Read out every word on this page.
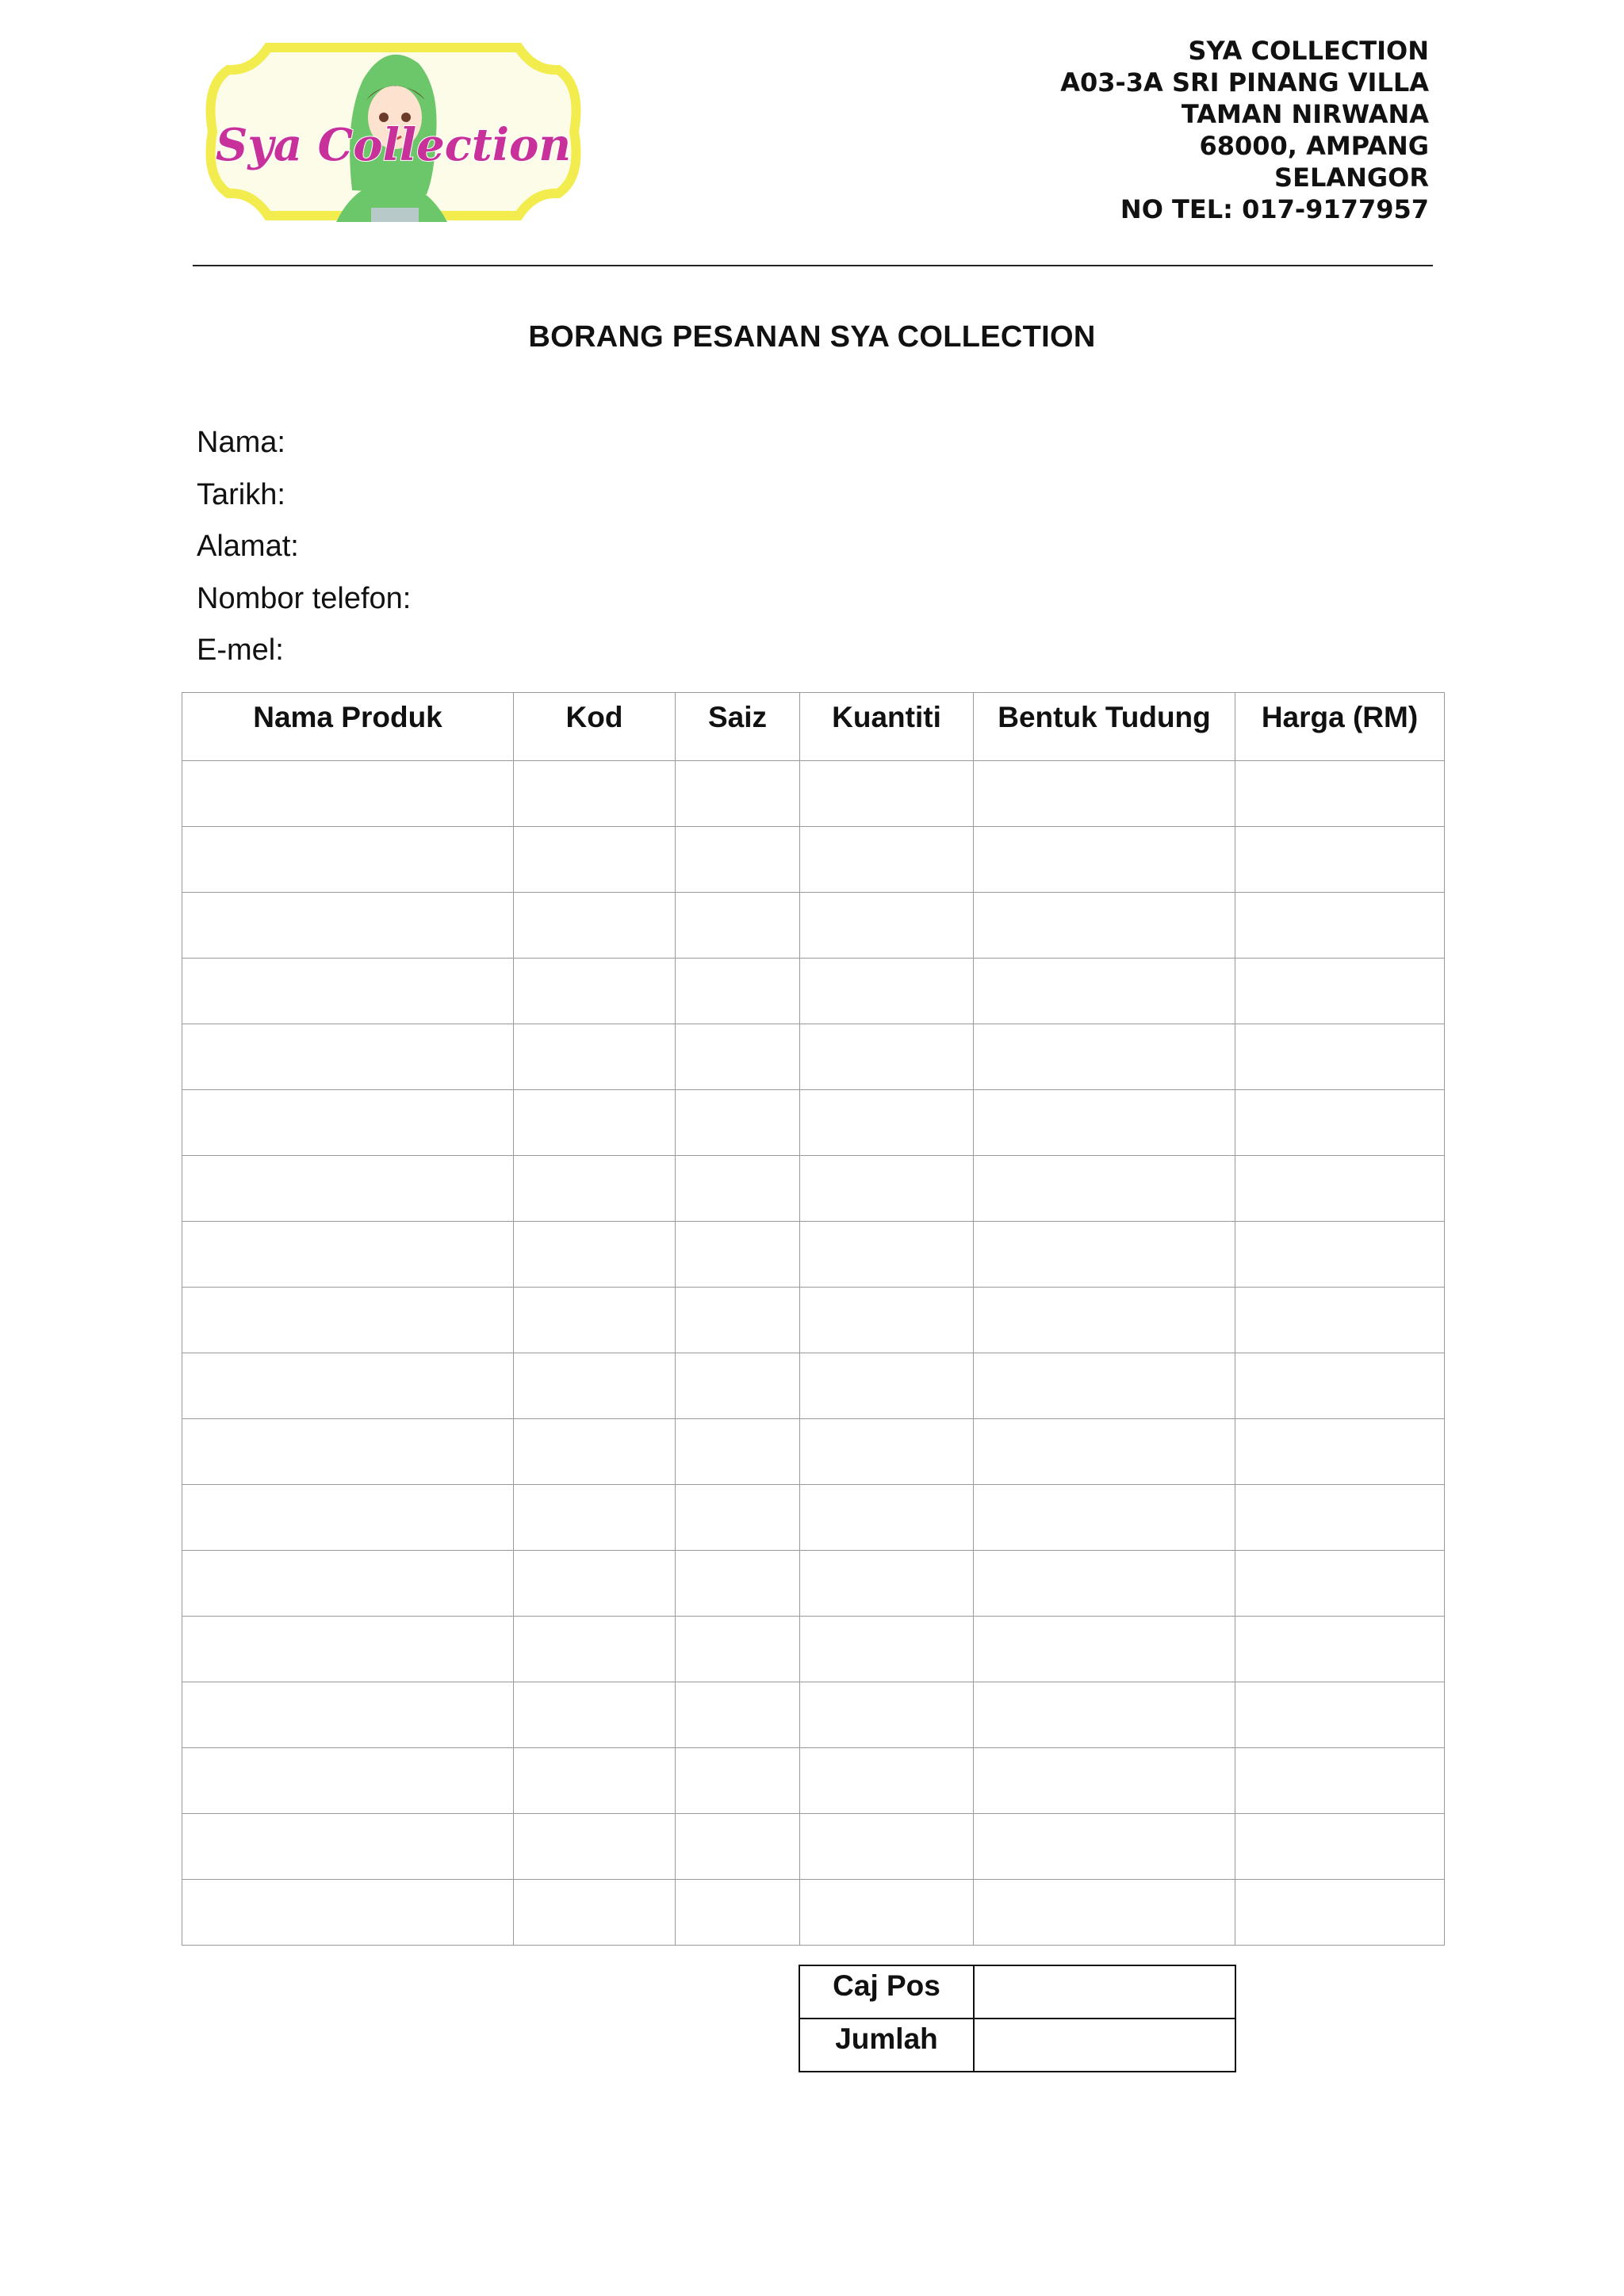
Sya Collection
SYA COLLECTION
A03-3A SRI PINANG VILLA
TAMAN NIRWANA
68000, AMPANG
SELANGOR
NO TEL: 017-9177957
BORANG PESANAN SYA COLLECTION
Nama:
Tarikh:
Alamat:
Nombor telefon:
E-mel:
Nama Produk	Kod	Saiz	Kuantiti	Bentuk Tudung	Harga (RM)

Caj Pos	
Jumlah	
